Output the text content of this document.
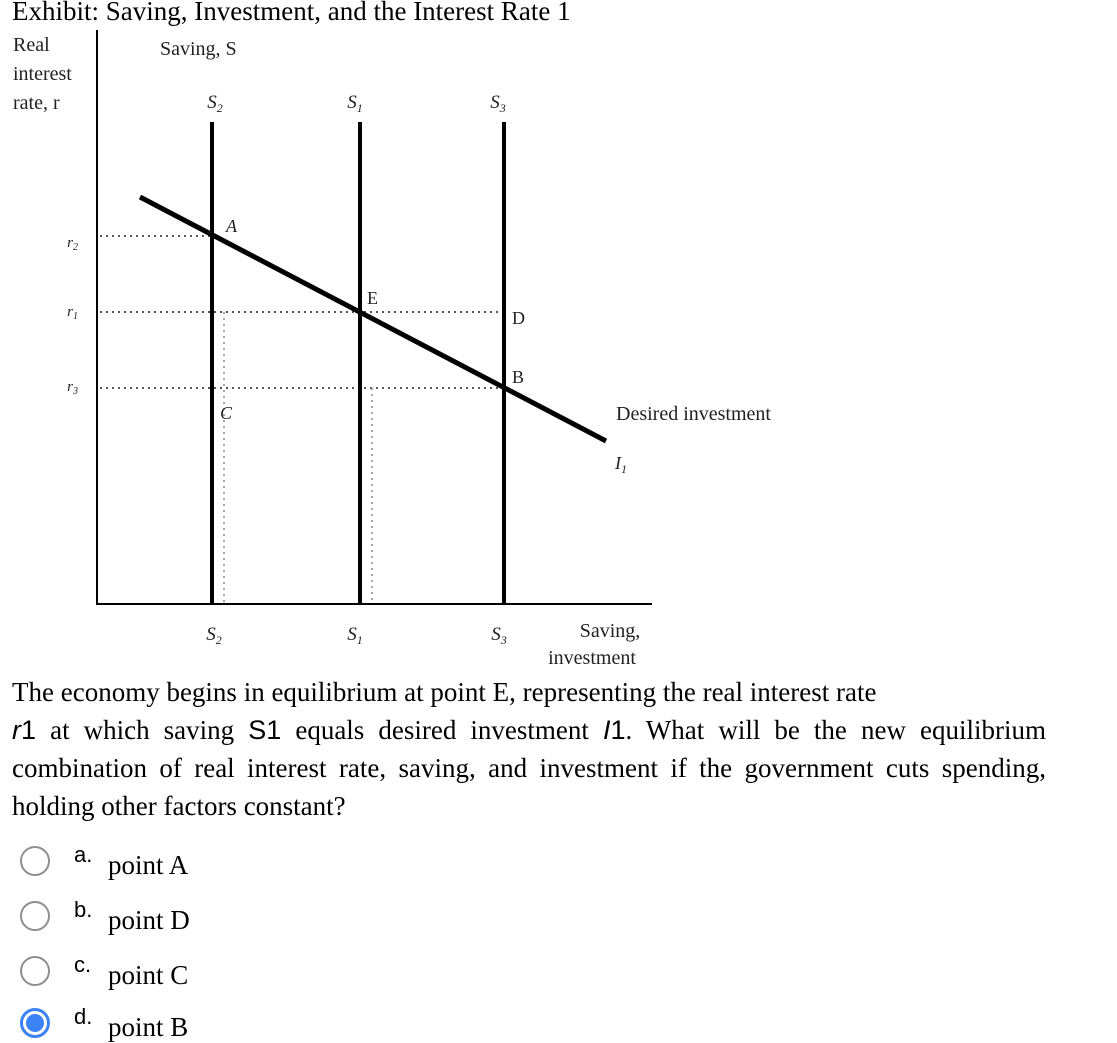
Exhibit: Saving, Investment, and the Interest Rate 1
Real
interest
rate, r
Saving, S
$r_2$
$r_1$
$r_3$
$S_2$	$S_1$	$S_3$
$S_2$	$S_1$	$S_3$	Saving,
investment
A
E
D
B
C	Desired investment
$I_1$
The economy begins in equilibrium at point E, representing the real interest rate
r1 at which saving S1 equals desired investment I1. What will be the new equilibrium combination of real interest rate, saving, and investment if the government cuts spending, holding other factors constant?
a. point A
b. point D
c. point C
d. point B
